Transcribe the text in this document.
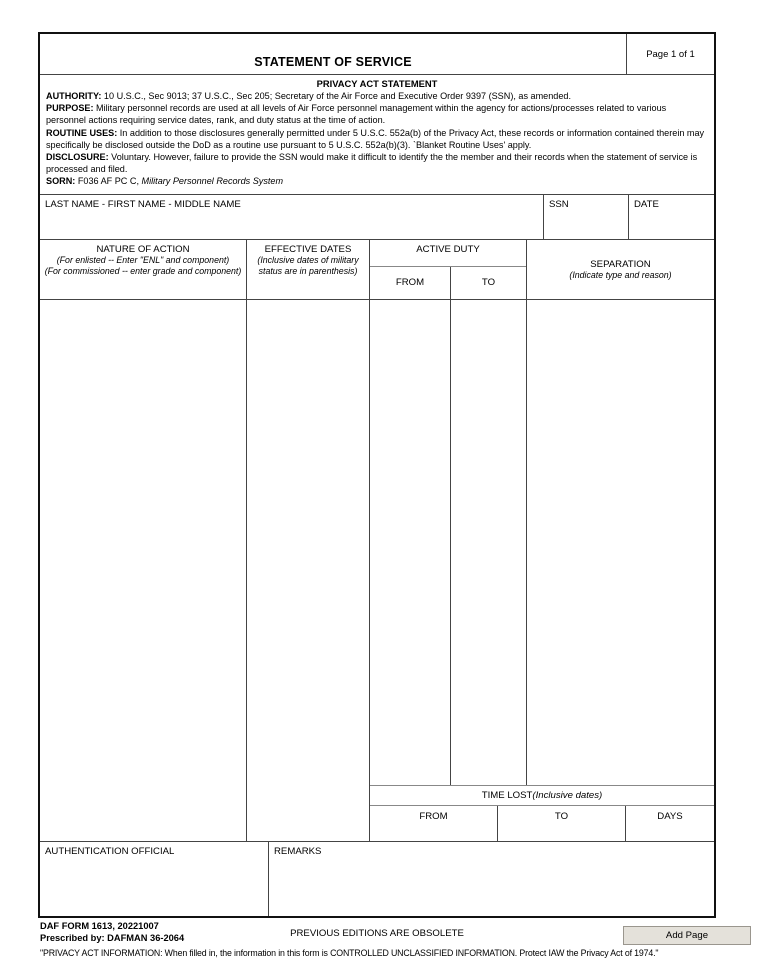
STATEMENT OF SERVICE
Page 1 of 1
PRIVACY ACT STATEMENT
AUTHORITY: 10 U.S.C., Sec 9013; 37 U.S.C., Sec 205; Secretary of the Air Force and Executive Order 9397 (SSN), as amended.
PURPOSE: Military personnel records are used at all levels of Air Force personnel management within the agency for actions/processes related to various personnel actions requiring service dates, rank, and duty status at the time of action.
ROUTINE USES: In addition to those disclosures generally permitted under 5 U.S.C. 552a(b) of the Privacy Act, these records or information contained therein may specifically be disclosed outside the DoD as a routine use pursuant to 5 U.S.C. 552a(b)(3). `Blanket Routine Uses' apply.
DISCLOSURE: Voluntary. However, failure to provide the SSN would make it difficult to identify the the member and their records when the statement of service is processed and filed.
SORN: F036 AF PC C, Military Personnel Records System
LAST NAME - FIRST NAME - MIDDLE NAME	SSN	DATE
NATURE OF ACTION
(For enlisted -- Enter "ENL" and component)
(For commissioned -- enter grade and component)
EFFECTIVE DATES
(Inclusive dates of military status are in parenthesis)
ACTIVE DUTY
FROM	TO
SEPARATION
(Indicate type and reason)
TIME LOST (Inclusive dates)
FROM	TO	DAYS
AUTHENTICATION OFFICIAL	REMARKS
DAF FORM 1613, 20221007
Prescribed by: DAFMAN 36-2064	PREVIOUS EDITIONS ARE OBSOLETE	Add Page
"PRIVACY ACT INFORMATION: When filled in, the information in this form is CONTROLLED UNCLASSIFIED INFORMATION. Protect IAW the Privacy Act of 1974."
